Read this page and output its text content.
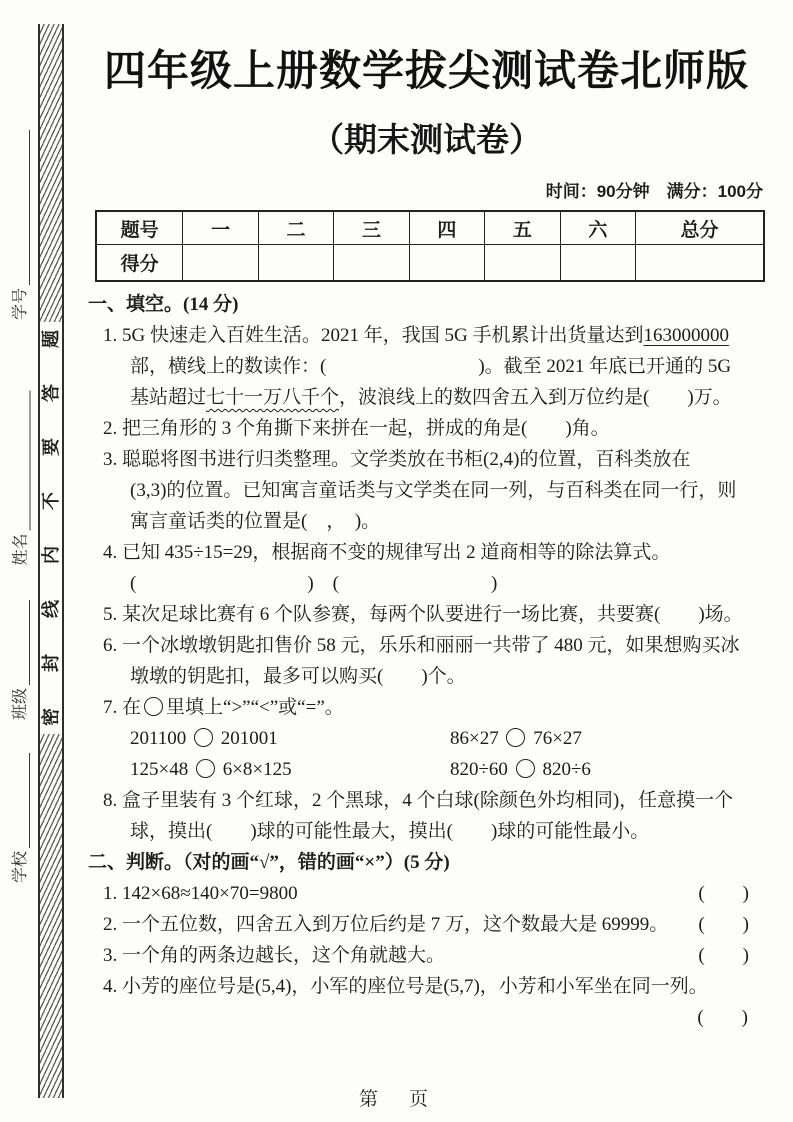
题
答
要
不
内
线
封
密
学号
姓名
班级
学校
四年级上册数学拔尖测试卷北师版
（期末测试卷）
时间：90分钟　满分：100分
题号	一	二	三	四	五	六	总分
得分							
一、填空。(14 分)
1. 5G 快速走入百姓生活。2021 年，我国 5G 手机累计出货量达到163000000
部，横线上的数读作：(　　　　　　　　)。截至 2021 年底已开通的 5G
基站超过七十一万八千个，波浪线上的数四舍五入到万位约是(　　)万。
2. 把三角形的 3 个角撕下来拼在一起，拼成的角是(　　)角。
3. 聪聪将图书进行归类整理。文学类放在书柜(2,4)的位置，百科类放在
(3,3)的位置。已知寓言童话类与文学类在同一列，与百科类在同一行，则
寓言童话类的位置是(　，　)。
4. 已知 435÷15=29，根据商不变的规律写出 2 道商相等的除法算式。
(　　　　　　　　　)　(　　　　　　　　)
5. 某次足球比赛有 6 个队参赛，每两个队要进行一场比赛，共要赛(　　)场。
6. 一个冰墩墩钥匙扣售价 58 元，乐乐和丽丽一共带了 480 元，如果想购买冰
墩墩的钥匙扣，最多可以购买(　　)个。
7. 在 里填上“>”“<”或“=”。
201100  201001	86×27  76×27
125×48  6×8×125	820÷60  820÷6
8. 盒子里装有 3 个红球，2 个黑球，4 个白球(除颜色外均相同)，任意摸一个
球，摸出(　　)球的可能性最大，摸出(　　)球的可能性最小。
二、判断。（对的画“√”，错的画“×”）(5 分)
1. 142×68≈140×70=9800	(　　)
2. 一个五位数，四舍五入到万位后约是 7 万，这个数最大是 69999。 (　　)
3. 一个角的两条边越长，这个角就越大。	(　　)
4. 小芳的座位号是(5,4)，小军的座位号是(5,7)，小芳和小军坐在同一列。
(　　)
第　页
